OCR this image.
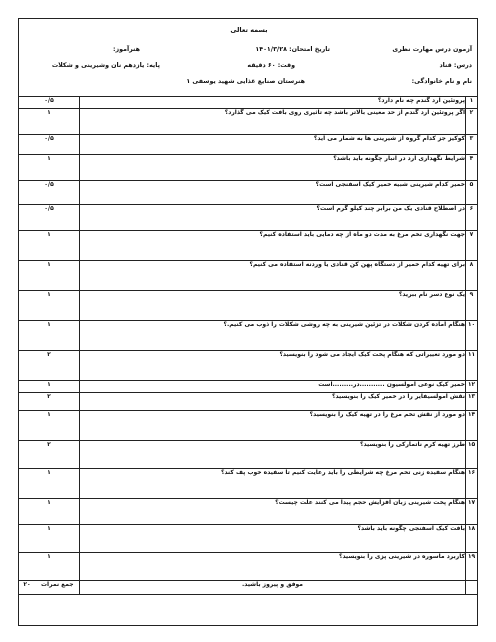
بسمه تعالی
آزمون درس مهارت نظری
تاریخ امتحان: ۱۴۰۱/۳/۲۸
هنرآموز:
درس: قناد
وقت: ۶۰ دقیقه
پایه: یازدهم نان وشیرینی و شکلات
نام و نام خانوادگی:
هنرستان صنایع غذایی شهید یوسفی ۱
۱	پروتئین آرد گندم چه نام دارد؟	۰/۵
۲	اگر پروتئین آرد گندم از حد معینی بالاتر باشد چه تاثیری روی بافت کیک می گذارد؟	۱
۳	کوکیز جز کدام گروه از شیرینی ها به شمار می آید؟	۰/۵
۴	شرایط نگهداری آرد در انبار چگونه باید باشد؟	۱
۵	خمیر کدام شیرینی شبیه خمیر کیک اسفنجی است؟	۰/۵
۶	در اصطلاح قنادی یک من برابر چند کیلو گرم است؟	۰/۵
۷	جهت نگهداری تخم مرغ به مدت دو ماه از چه دمایی باید استفاده کنیم؟	۱
۸	برای تهیه کدام خمیر از دستگاه پهن کن قنادی یا وردنه استفاده می کنیم؟	۱
۹	یک نوع دسر نام ببرید؟	۱
۱۰	هنگام آماده کردن شکلات در تزئین شیرینی به چه روشی شکلات را ذوب می کنیم.؟	۱
۱۱	دو مورد تغییراتی که هنگام پخت کیک ایجاد می شود را بنویسید؟	۲
۱۲	خمیر کیک نوعی امولسیون ...........در.........است	۱
۱۳	نقش امولسیفایر را در خمیر کیک را بنویسید؟	۲
۱۴	دو مورد از نقش تخم مرغ را در تهیه کیک را بنویسید؟	۱
۱۵	طرز تهیه کرم ناتمارکی را بنویسید؟	۲
۱۶	هنگام سفیده زنی تخم مرغ چه شرایطی را باید رعایت کنیم تا سفیده خوب پف کند؟	۱
۱۷	هنگام پخت شیرینی زبان افزایش حجم پیدا می کنند علت چیست؟	۱
۱۸	بافت کیک اسفنجی چگونه باید باشد؟	۱
۱۹	کاربرد ماسوره در شیرینی پزی را بنویسید؟	۱
	موفق و پیروز باشید.	۲۰ جمع نمرات
